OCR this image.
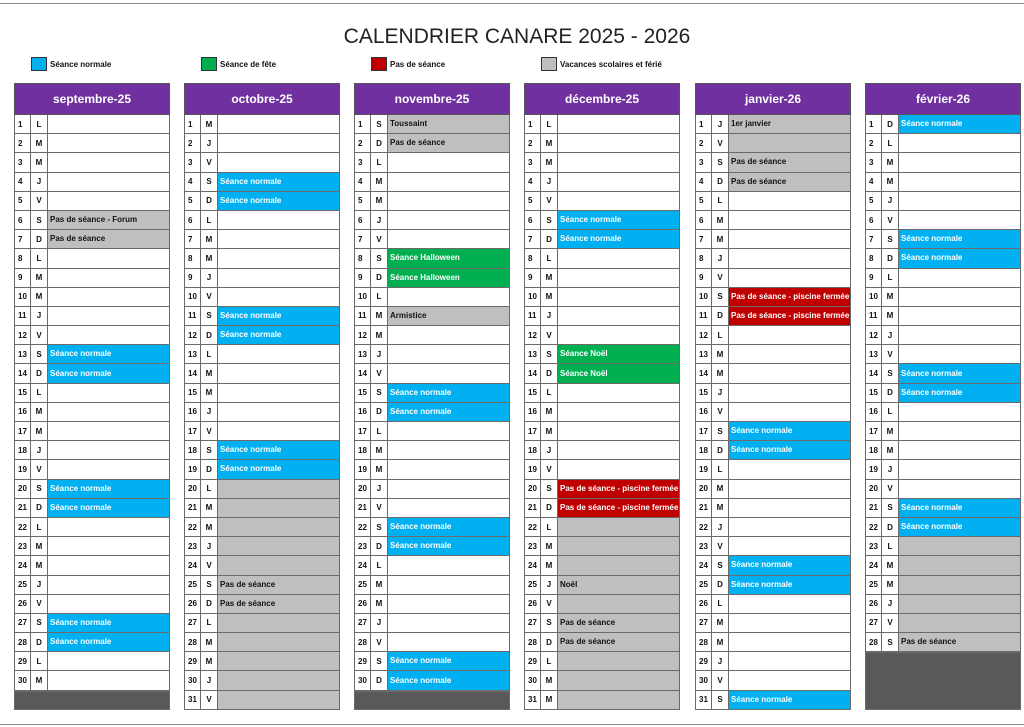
CALENDRIER CANARE 2025 - 2026
Séance normale	Séance de fête	Pas de séance	Vacances scolaires et férié
septembre-25
1	L
2	M
3	M
4	J
5	V
6	S	Pas de séance - Forum
7	D	Pas de séance
8	L
9	M
10	M
11	J
12	V
13	S	Séance normale
14	D	Séance normale
15	L
16	M
17	M
18	J
19	V
20	S	Séance normale
21	D	Séance normale
22	L
23	M
24	M
25	J
26	V
27	S	Séance normale
28	D	Séance normale
29	L
30	M
octobre-25
1	M
2	J
3	V
4	S	Séance normale
5	D	Séance normale
6	L
7	M
8	M
9	J
10	V
11	S	Séance normale
12	D	Séance normale
13	L
14	M
15	M
16	J
17	V
18	S	Séance normale
19	D	Séance normale
20	L
21	M
22	M
23	J
24	V
25	S	Pas de séance
26	D	Pas de séance
27	L
28	M
29	M
30	J
31	V
novembre-25
1	S	Toussaint
2	D	Pas de séance
3	L
4	M
5	M
6	J
7	V
8	S	Séance Halloween
9	D	Séance Halloween
10	L
11	M Armistice
12	M
13	J
14	V
15	S	Séance normale
16	D	Séance normale
17	L
18	M
19	M
20	J
21	V
22	S	Séance normale
23	D	Séance normale
24	L
25	M
26	M
27	J
28	V
29	S	Séance normale
30	D	Séance normale
décembre-25
1	L
2	M
3	M
4	J
5	V
6	S	Séance normale
7	D	Séance normale
8	L
9	M
10	M
11	J
12	V
13	S	Séance Noël
14	D	Séance Noël
15	L
16	M
17	M
18	J
19	V
20	S	Pas de séance - piscine fermée
21	D	Pas de séance - piscine fermée
22	L
23	M
24	M
25	J	Noël
26	V
27	S	Pas de séance
28	D	Pas de séance
29	L
30	M
31	M
janvier-26
1	J	1er janvier
2	V
3	S	Pas de séance
4	D	Pas de séance
5	L
6	M
7	M
8	J
9	V
10	S	Pas de séance - piscine fermée
11	D	Pas de séance - piscine fermée
12	L
13	M
14	M
15	J
16	V
17	S	Séance normale
18	D	Séance normale
19	L
20	M
21	M
22	J
23	V
24	S	Séance normale
25	D	Séance normale
26	L
27	M
28	M
29	J
30	V
31	S	Séance normale
février-26
1	D	Séance normale
2	L
3	M
4	M
5	J
6	V
7	S	Séance normale
8	D	Séance normale
9	L
10	M
11	M
12	J
13	V
14	S	Séance normale
15	D	Séance normale
16	L
17	M
18	M
19	J
20	V
21	S	Séance normale
22	D	Séance normale
23	L
24	M
25	M
26	J
27	V
28	S	Pas de séance
